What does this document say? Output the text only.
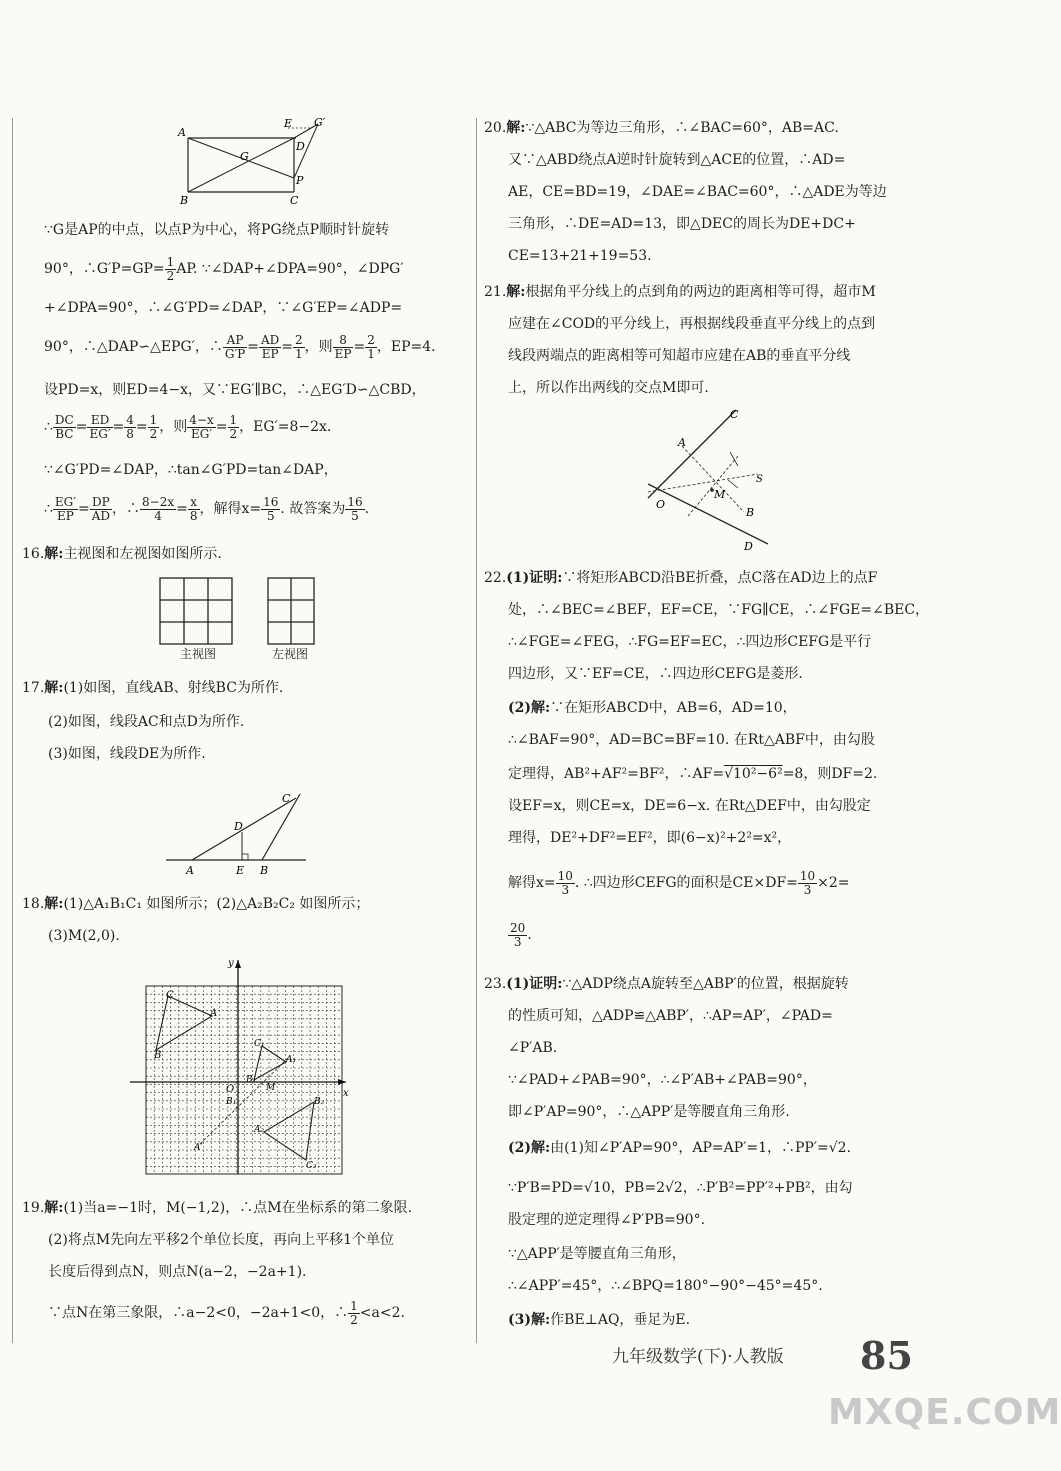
A
B	C
D
E G′
G
P
∵G是AP的中点，以点P为中心，将PG绕点P顺时针旋转
90°，∴G′P=GP= $\frac{1}{2}$ AP. ∵∠DAP+∠DPA=90°，∠DPG′
+∠DPA=90°，∴∠G′PD=∠DAP，∵∠G′EP=∠ADP=
90°，∴△DAP∽△EPG′，∴ $\frac{AP}{G'P} = \frac{AD}{EP} = \frac{2}{1}$ ，则 $\frac{8}{EP} = \frac{2}{1}$ ，EP=4.
设PD=x，则ED=4−x，又∵EG′∥BC，∴△EG′D∽△CBD，
∴ $\frac{DC}{BC} = \frac{ED}{EG'} = \frac{4}{8} = \frac{1}{2}$ ，则 $\frac{4-x}{EG'} = \frac{1}{2}$ ，EG′=8−2x.
∵∠G′PD=∠DAP，∴tan∠G′PD=tan∠DAP，
∴ $\frac{EG'}{EP} = \frac{DP}{AD}$ ，∴ $\frac{8-2x}{4} = \frac{x}{8}$ ，解得$x= \frac{16}{5}$ . 故答案为 $\frac{16}{5}$ .
16.解:主视图和左视图如图所示.
主视图	左视图
17.解:(1)如图，直线AB、射线BC为所作.
(2)如图，线段AC和点D为所作.
(3)如图，线段DE为所作.
A	E B
D
C
18.解:(1)△A₁B₁C₁ 如图所示；(2)△A₂B₂C₂ 如图所示；
(3)M(2,0).
x
y
O
C
A
B
C₁
A₁
B₁
B₂
C₂
A₂
A′
B₁
M
19.解:(1)当a=−1时，M(−1,2)，∴点M在坐标系的第二象限.
(2)将点M先向左平移2个单位长度，再向上平移1个单位
长度后得到点N，则点N(a−2，−2a+1).
∵点N在第三象限，∴a−2<0，−2a+1<0，∴ $\frac{1}{2} <a<2$.
20.解:∵△ABC为等边三角形，∴∠BAC=60°，AB=AC.
又∵△ABD绕点A逆时针旋转到△ACE的位置，∴AD=
AE，CE=BD=19，∠DAE=∠BAC=60°，∴△ADE为等边
三角形，∴DE=AD=13，即△DEC的周长为DE+DC+
CE=13+21+19=53.
21.解:根据角平分线上的点到角的两边的距离相等可得，超市M
应建在∠COD的平分线上，再根据线段垂直平分线上的点到
线段两端点的距离相等可知超市应建在AB的垂直平分线
上，所以作出两线的交点M即可.
C
A
S
M
O
B
D
22.(1)证明:∵将矩形ABCD沿BE折叠，点C落在AD边上的点F
处，∴∠BEC=∠BEF，EF=CE，∵FG∥CE，∴∠FGE=∠BEC，
∴∠FGE=∠FEG，∴FG=EF=EC，∴四边形CEFG是平行
四边形，又∵EF=CE，∴四边形CEFG是菱形.
(2)解:∵在矩形ABCD中，AB=6，AD=10，
∴∠BAF=90°，AD=BC=BF=10. 在Rt△ABF中，由勾股
定理得，AB²+AF²=BF²，∴AF=√10²−6²=8，则DF=2.
设EF=x，则CE=x，DE=6−x. 在Rt△DEF中，由勾股定
理得，DE²+DF²=EF²，即(6−x)²+2²=x²，
解得$x= \frac{10}{3}$ . ∴四边形CEFG的面积是$CE\times DF= \frac{10}{3} \times 2=$
$\frac{20}{3}$ .
23.(1)证明:∵△ADP绕点A旋转至△ABP′的位置，根据旋转
的性质可知，△ADP≌△ABP′，∴AP=AP′，∠PAD=
∠P′AB.
∵∠PAD+∠PAB=90°，∴∠P′AB+∠PAB=90°，
即∠P′AP=90°，∴△APP′是等腰直角三角形.
(2)解:由(1)知∠P′AP=90°，AP=AP′=1，∴PP′=√2.
∵P′B=PD=√10，PB=2√2，∴P′B²=PP′²+PB²，由勾
股定理的逆定理得∠P′PB=90°.
∵△APP′是等腰直角三角形，
∴∠APP′=45°，∴∠BPQ=180°−90°−45°=45°.
(3)解:作BE⊥AQ，垂足为E.
九年级数学(下)·人教版 85
MXQE.COM
